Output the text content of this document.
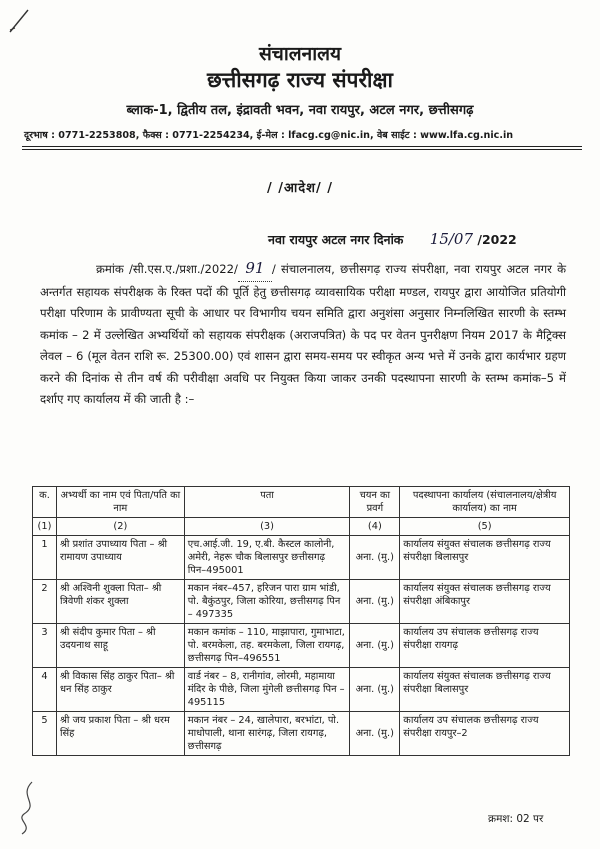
संचालनालय
छत्तीसगढ़ राज्य संपरीक्षा
ब्लाक-1, द्वितीय तल, इंद्रावती भवन, नवा रायपुर, अटल नगर, छत्तीसगढ़
दूरभाष : 0771-2253808, फैक्स : 0771-2254234, ई-मेल : lfacg.cg@nic.in, वेब साईट : www.lfa.cg.nic.in
/ /आदेश/ /
नवा रायपुर अटल नगर दिनांक 15/07 /2022
क्रमांक /सी.एस.ए./प्रशा./2022/ 91 / संचालनालय, छत्तीसगढ़ राज्य संपरीक्षा, नवा रायपुर अटल नगर के अन्तर्गत सहायक संपरीक्षक के रिक्त पदों की पूर्ति हेतु छत्तीसगढ़ व्यावसायिक परीक्षा मण्डल, रायपुर द्वारा आयोजित प्रतियोगी परीक्षा परिणाम के प्रावीण्यता सूची के आधार पर विभागीय चयन समिति द्वारा अनुशंसा अनुसार निम्नलिखित सारणी के स्तम्भ कमांक – 2 में उल्लेखित अभ्यर्थियों को सहायक संपरीक्षक (अराजपत्रित) के पद पर वेतन पुनरीक्षण नियम 2017 के मैट्रिक्स लेवल – 6 (मूल वेतन राशि रू. 25300.00) एवं शासन द्वारा समय-समय पर स्वीकृत अन्य भत्ते में उनके द्वारा कार्यभार ग्रहण करने की दिनांक से तीन वर्ष की परीवीक्षा अवधि पर नियुक्त किया जाकर उनकी पदस्थापना सारणी के स्तम्भ कमांक–5 में दर्शाए गए कार्यालय में की जाती है :–
क.	अभ्यर्थी का नाम एवं पिता/पति का नाम	पता	चयन का प्रवर्ग	पदस्थापना कार्यालय (संचालनालय/क्षेत्रीय कार्यालय) का नाम
(1)	(2)	(3)	(4)	(5)
1	श्री प्रशांत उपाध्याय पिता – श्री रामायण उपाध्याय	एच.आई.जी. 19, ए.बी. कैस्टल कालोनी, अमेरी, नेहरू चौक बिलासपुर छत्तीसगढ़ पिन–495001	अना. (मु.)	कार्यालय संयुक्त संचालक छत्तीसगढ़ राज्य संपरीक्षा बिलासपुर
2	श्री अश्विनी शुक्ला पिता– श्री त्रिवेणी शंकर शुक्ला	मकान नंबर–457, हरिजन पारा ग्राम भांडी, पो. बैकुंठपुर, जिला कोरिया, छत्तीसगढ़ पिन – 497335	अना. (मु.)	कार्यालय संयुक्त संचालक छत्तीसगढ़ राज्य संपरीक्षा अंबिकापुर
3	श्री संदीप कुमार पिता – श्री उदयनाथ साहू	मकान कमांक – 110, माझापारा, गुमाभाटा, पो. बरमकेला, तह. बरमकेला, जिला रायगढ़, छत्तीसगढ़ पिन–496551	अना. (मु.)	कार्यालय उप संचालक छत्तीसगढ़ राज्य संपरीक्षा रायगढ़
4	श्री विकास सिंह ठाकुर पिता– श्री धन सिंह ठाकुर	वार्ड नंबर – 8, रानीगांव, लोरमी, महामाया मंदिर के पीछे, जिला मुंगेली छत्तीसगढ़ पिन – 495115	अना. (मु.)	कार्यालय संयुक्त संचालक छत्तीसगढ़ राज्य संपरीक्षा बिलासपुर
5	श्री जय प्रकाश पिता – श्री धरम सिंह	मकान नंबर – 24, खालेपारा, बरभांटा, पो. माधोपाली, थाना सारंगढ़, जिला रायगढ़, छत्तीसगढ़	अना. (मु.)	कार्यालय उप संचालक छत्तीसगढ़ राज्य संपरीक्षा रायपुर–2
क्रमश: 02 पर
